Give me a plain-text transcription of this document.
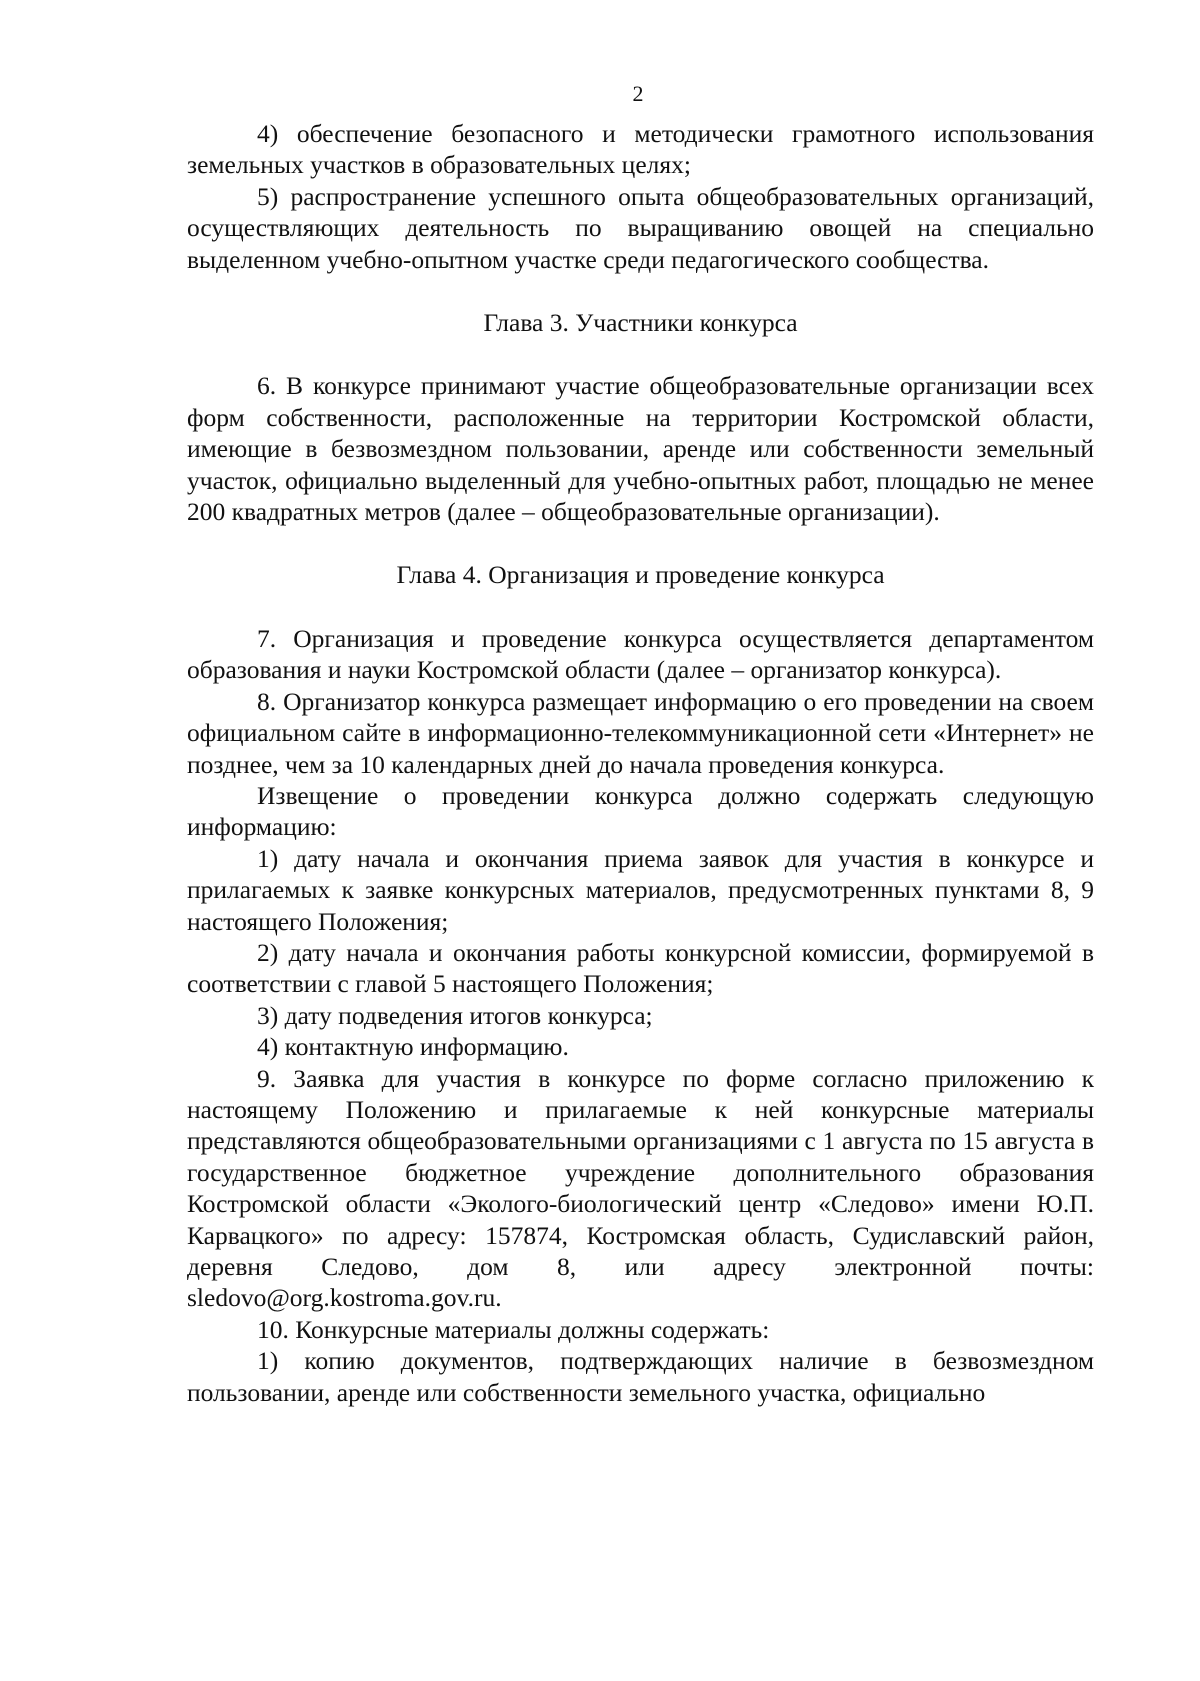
2

4) обеспечение безопасного и методически грамотного использования земельных участков в образовательных целях;

5) распространение успешного опыта общеобразовательных организаций, осуществляющих деятельность по выращиванию овощей на специально выделенном учебно-опытном участке среди педагогического сообщества.

Глава 3. Участники конкурса

6. В конкурсе принимают участие общеобразовательные организации всех форм собственности, расположенные на территории Костромской области, имеющие в безвозмездном пользовании, аренде или собственности земельный участок, официально выделенный для учебно-опытных работ, площадью не менее 200 квадратных метров (далее – общеобразовательные организации).

Глава 4. Организация и проведение конкурса

7. Организация и проведение конкурса осуществляется департаментом образования и науки Костромской области (далее – организатор конкурса).

8. Организатор конкурса размещает информацию о его проведении на своем официальном сайте в информационно-телекоммуникационной сети «Интернет» не позднее, чем за 10 календарных дней до начала проведения конкурса.

Извещение о проведении конкурса должно содержать следующую информацию:

1) дату начала и окончания приема заявок для участия в конкурсе и прилагаемых к заявке конкурсных материалов, предусмотренных пунктами 8, 9 настоящего Положения;

2) дату начала и окончания работы конкурсной комиссии, формируемой в соответствии с главой 5 настоящего Положения;

3) дату подведения итогов конкурса;

4) контактную информацию.

9. Заявка для участия в конкурсе по форме согласно приложению к настоящему Положению и прилагаемые к ней конкурсные материалы представляются общеобразовательными организациями с 1 августа по 15 августа в государственное бюджетное учреждение дополнительного образования Костромской области «Эколого-биологический центр «Следово» имени Ю.П. Карвацкого» по адресу: 157874, Костромская область, Судиславский район, деревня Следово, дом 8, или адресу электронной почты: sledovo@org.kostroma.gov.ru.

10. Конкурсные материалы должны содержать:

1) копию документов, подтверждающих наличие в безвозмездном пользовании, аренде или собственности земельного участка, официально
